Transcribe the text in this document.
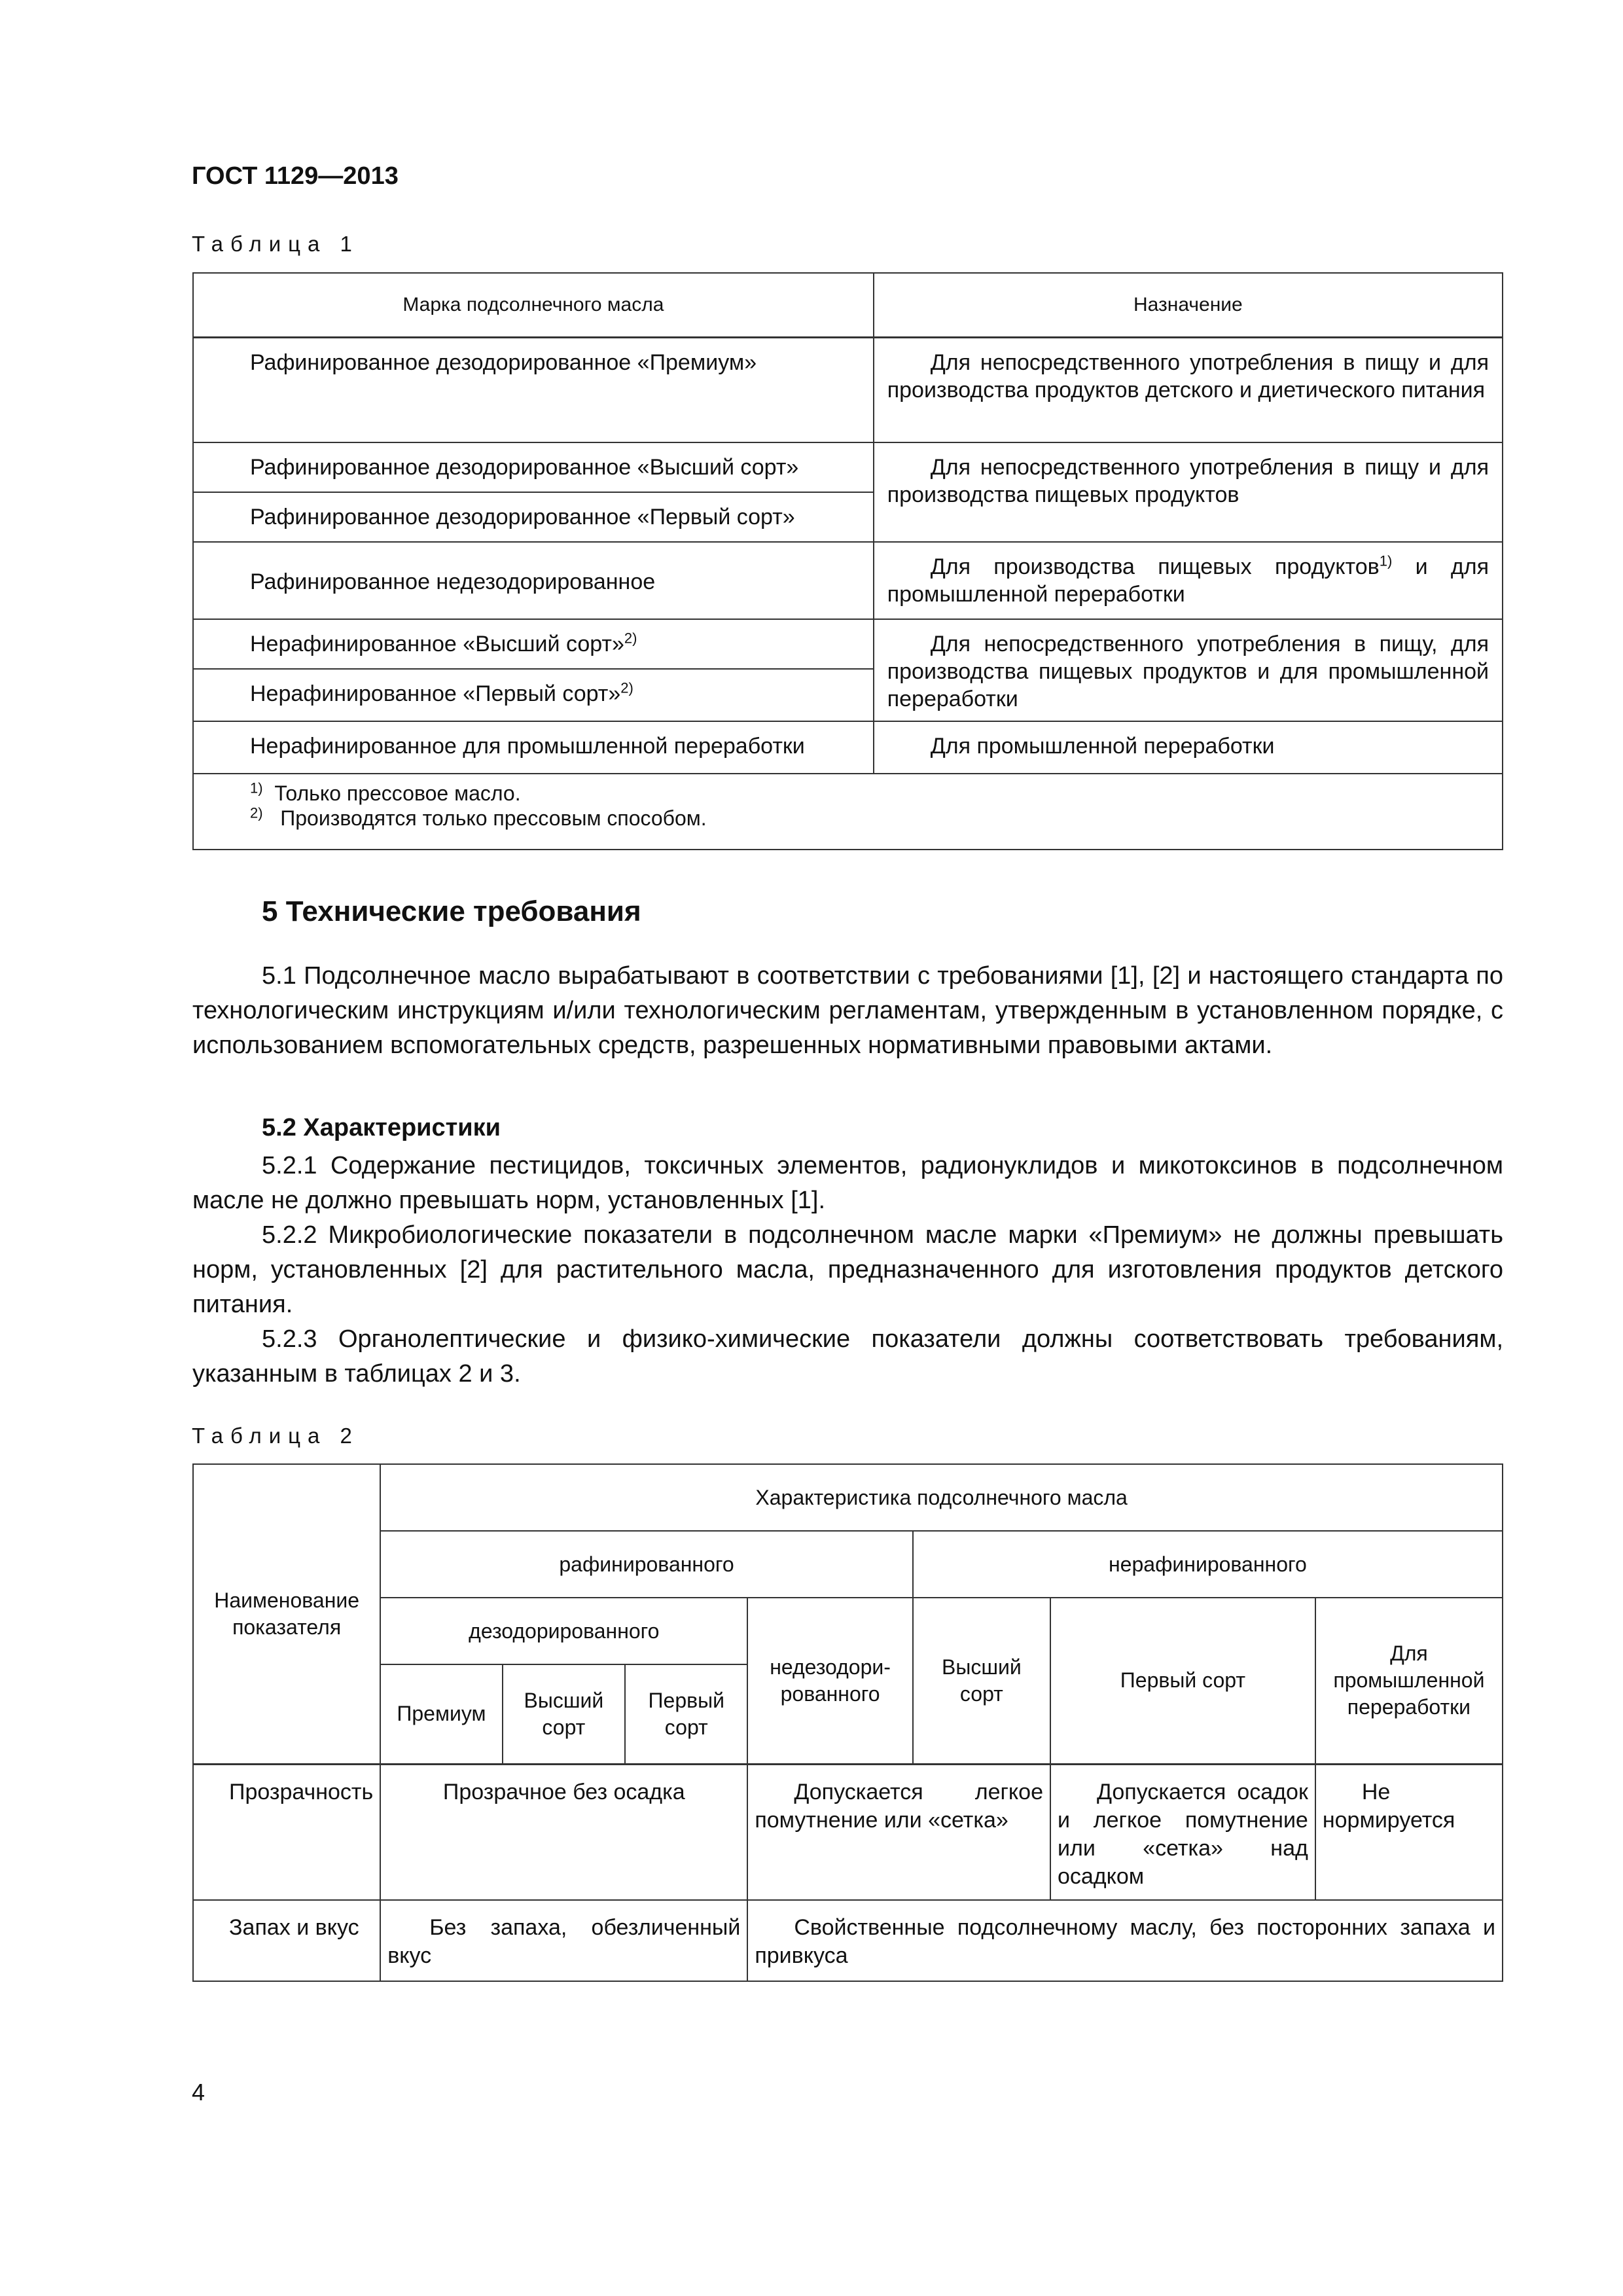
ГОСТ 1129—2013
Таблица 1
Марка подсолнечного масла	Назначение
Рафинированное дезодорированное «Премиум»	Для непосредственного употребления в пищу и для производства продуктов детского и диетического питания
Рафинированное дезодорированное «Высший сорт»	Для непосредственного употребления в пищу и для производства пищевых продуктов
Рафинированное дезодорированное «Первый сорт»	
Рафинированное недезодорированное	Для производства пищевых продуктов$^{1)}$ и для промышленной переработки
Нерафинированное «Высший сорт»$^{2)}$	Для непосредственного употребления в пищу, для производства пищевых продуктов и для промышленной переработки
Нерафинированное «Первый сорт»$^{2)}$
Нерафинированное для промышленной переработки	Для промышленной переработки

$^{1)}$ Только прессовое масло.
$^{2)}$ Производятся только прессовым способом.	
5 Технические требования
5.1 Подсолнечное масло вырабатывают в соответствии с требованиями [1], [2] и настоящего стандарта по технологическим инструкциям и/или технологическим регламентам, утвержденным в установленном порядке, с использованием вспомогательных средств, разрешенных нормативными правовыми актами.
5.2 Характеристики
5.2.1 Содержание пестицидов, токсичных элементов, радионуклидов и микотоксинов в подсолнечном масле не должно превышать норм, установленных [1].
5.2.2 Микробиологические показатели в подсолнечном масле марки «Премиум» не должны превышать норм, установленных [2] для растительного масла, предназначенного для изготовления продуктов детского питания.
5.2.3 Органолептические и физико-химические показатели должны соответствовать требованиям, указанным в таблицах 2 и 3.
Таблица 2
Наименование показателя	Характеристика подсолнечного масла						
	рафинированного				нерафинированного		
	дезодорированного			недезодори-рованного	Высший сорт	Первый сорт	Для промышленной переработки
	Премиум	Высший сорт	Первый сорт				
Прозрачность	Прозрачное без осадка			Допускается легкое помутнение или «сетка»		Допускается осадок и легкое помутнение или «сетка» над осадком	Не нормируется
Запах и вкус	Без запаха, обезличенный вкус			Свойственные подсолнечному маслу, без посторонних запаха и привкуса			
4
